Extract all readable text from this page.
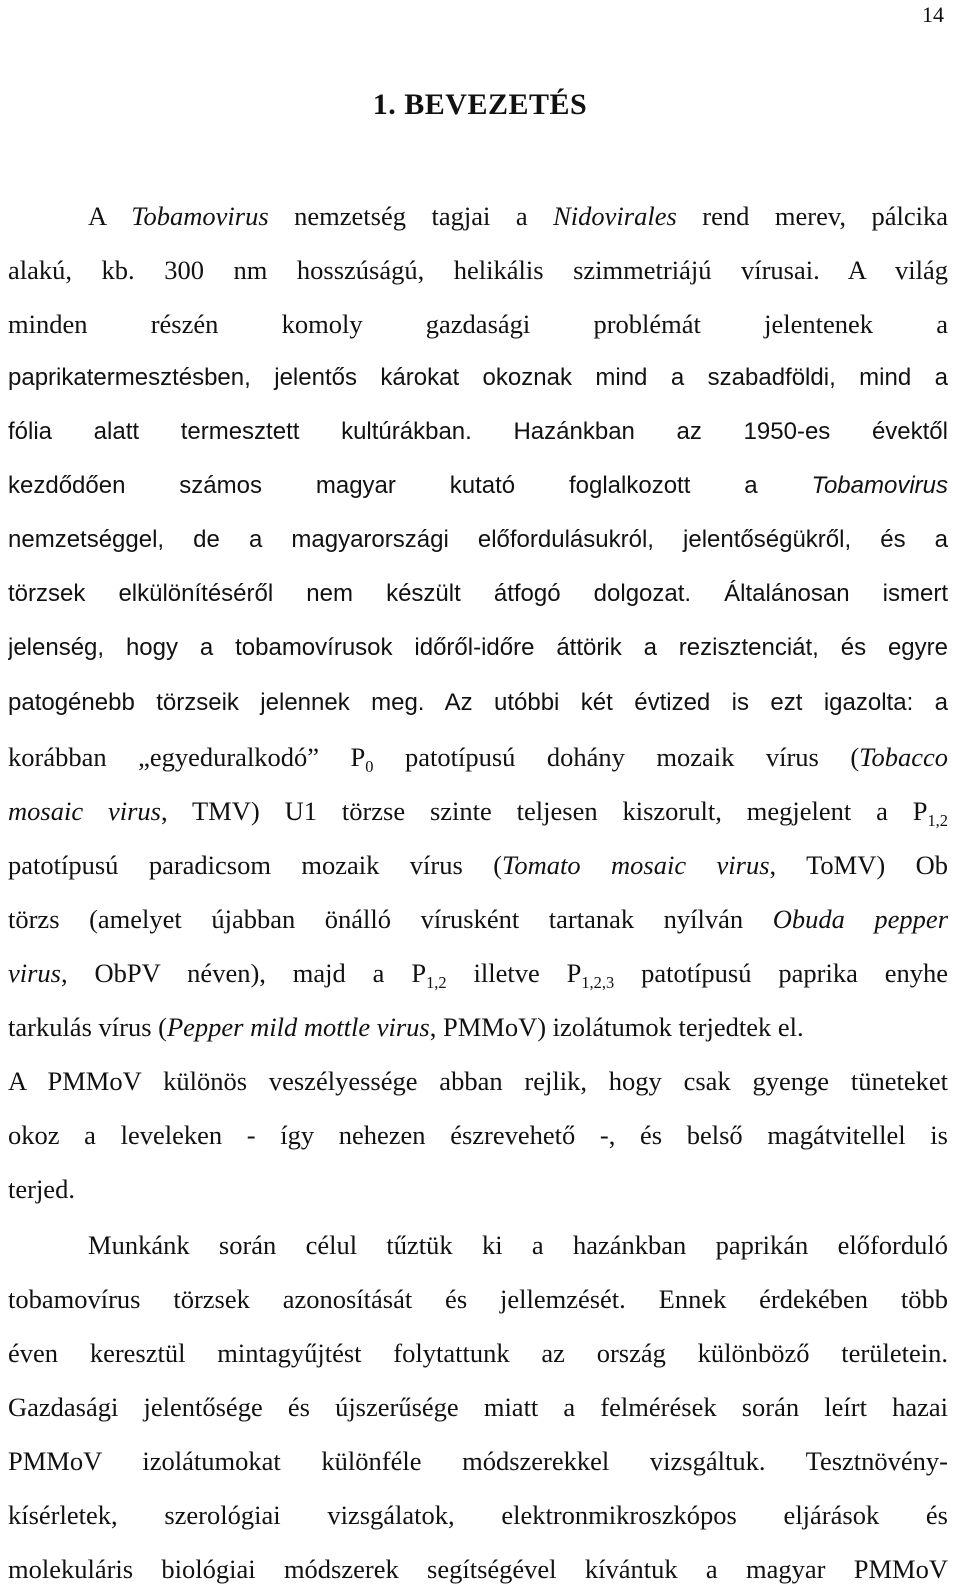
14
1. BEVEZETÉS
A Tobamovirus nemzetség tagjai a Nidovirales rend merev, pálcika
alakú, kb. 300 nm hosszúságú, helikális szimmetriájú vírusai. A világ
minden részén komoly gazdasági problémát jelentenek a
paprikatermesztésben, jelentős károkat okoznak mind a szabadföldi, mind a
fólia alatt termesztett kultúrákban. Hazánkban az 1950-es évektől
kezdődően számos magyar kutató foglalkozott a Tobamovirus
nemzetséggel, de a magyarországi előfordulásukról, jelentőségükről, és a
törzsek elkülönítéséről nem készült átfogó dolgozat. Általánosan ismert
jelenség, hogy a tobamovírusok időről-időre áttörik a rezisztenciát, és egyre
patogénebb törzseik jelennek meg. Az utóbbi két évtized is ezt igazolta: a
korábban „egyeduralkodó” $P_0$ patotípusú dohány mozaik vírus (Tobacco
mosaic virus, TMV) U1 törzse szinte teljesen kiszorult, megjelent a $P_{1,2}$
patotípusú paradicsom mozaik vírus (Tomato mosaic virus, ToMV) Ob
törzs (amelyet újabban önálló vírusként tartanak nyílván Obuda pepper
virus, ObPV néven), majd a $P_{1,2}$ illetve $P_{1,2,3}$ patotípusú paprika enyhe
tarkulás vírus (Pepper mild mottle virus, PMMoV) izolátumok terjedtek el.
A PMMoV különös veszélyessége abban rejlik, hogy csak gyenge tüneteket
okoz a leveleken - így nehezen észrevehető -, és belső magátvitellel is
terjed.
Munkánk során célul tűztük ki a hazánkban paprikán előforduló
tobamovírus törzsek azonosítását és jellemzését. Ennek érdekében több
éven keresztül mintagyűjtést folytattunk az ország különböző területein.
Gazdasági jelentősége és újszerűsége miatt a felmérések során leírt hazai
PMMoV izolátumokat különféle módszerekkel vizsgáltuk. Tesztnövény-
kísérletek, szerológiai vizsgálatok, elektronmikroszkópos eljárások és
molekuláris biológiai módszerek segítségével kívántuk a magyar PMMoV
